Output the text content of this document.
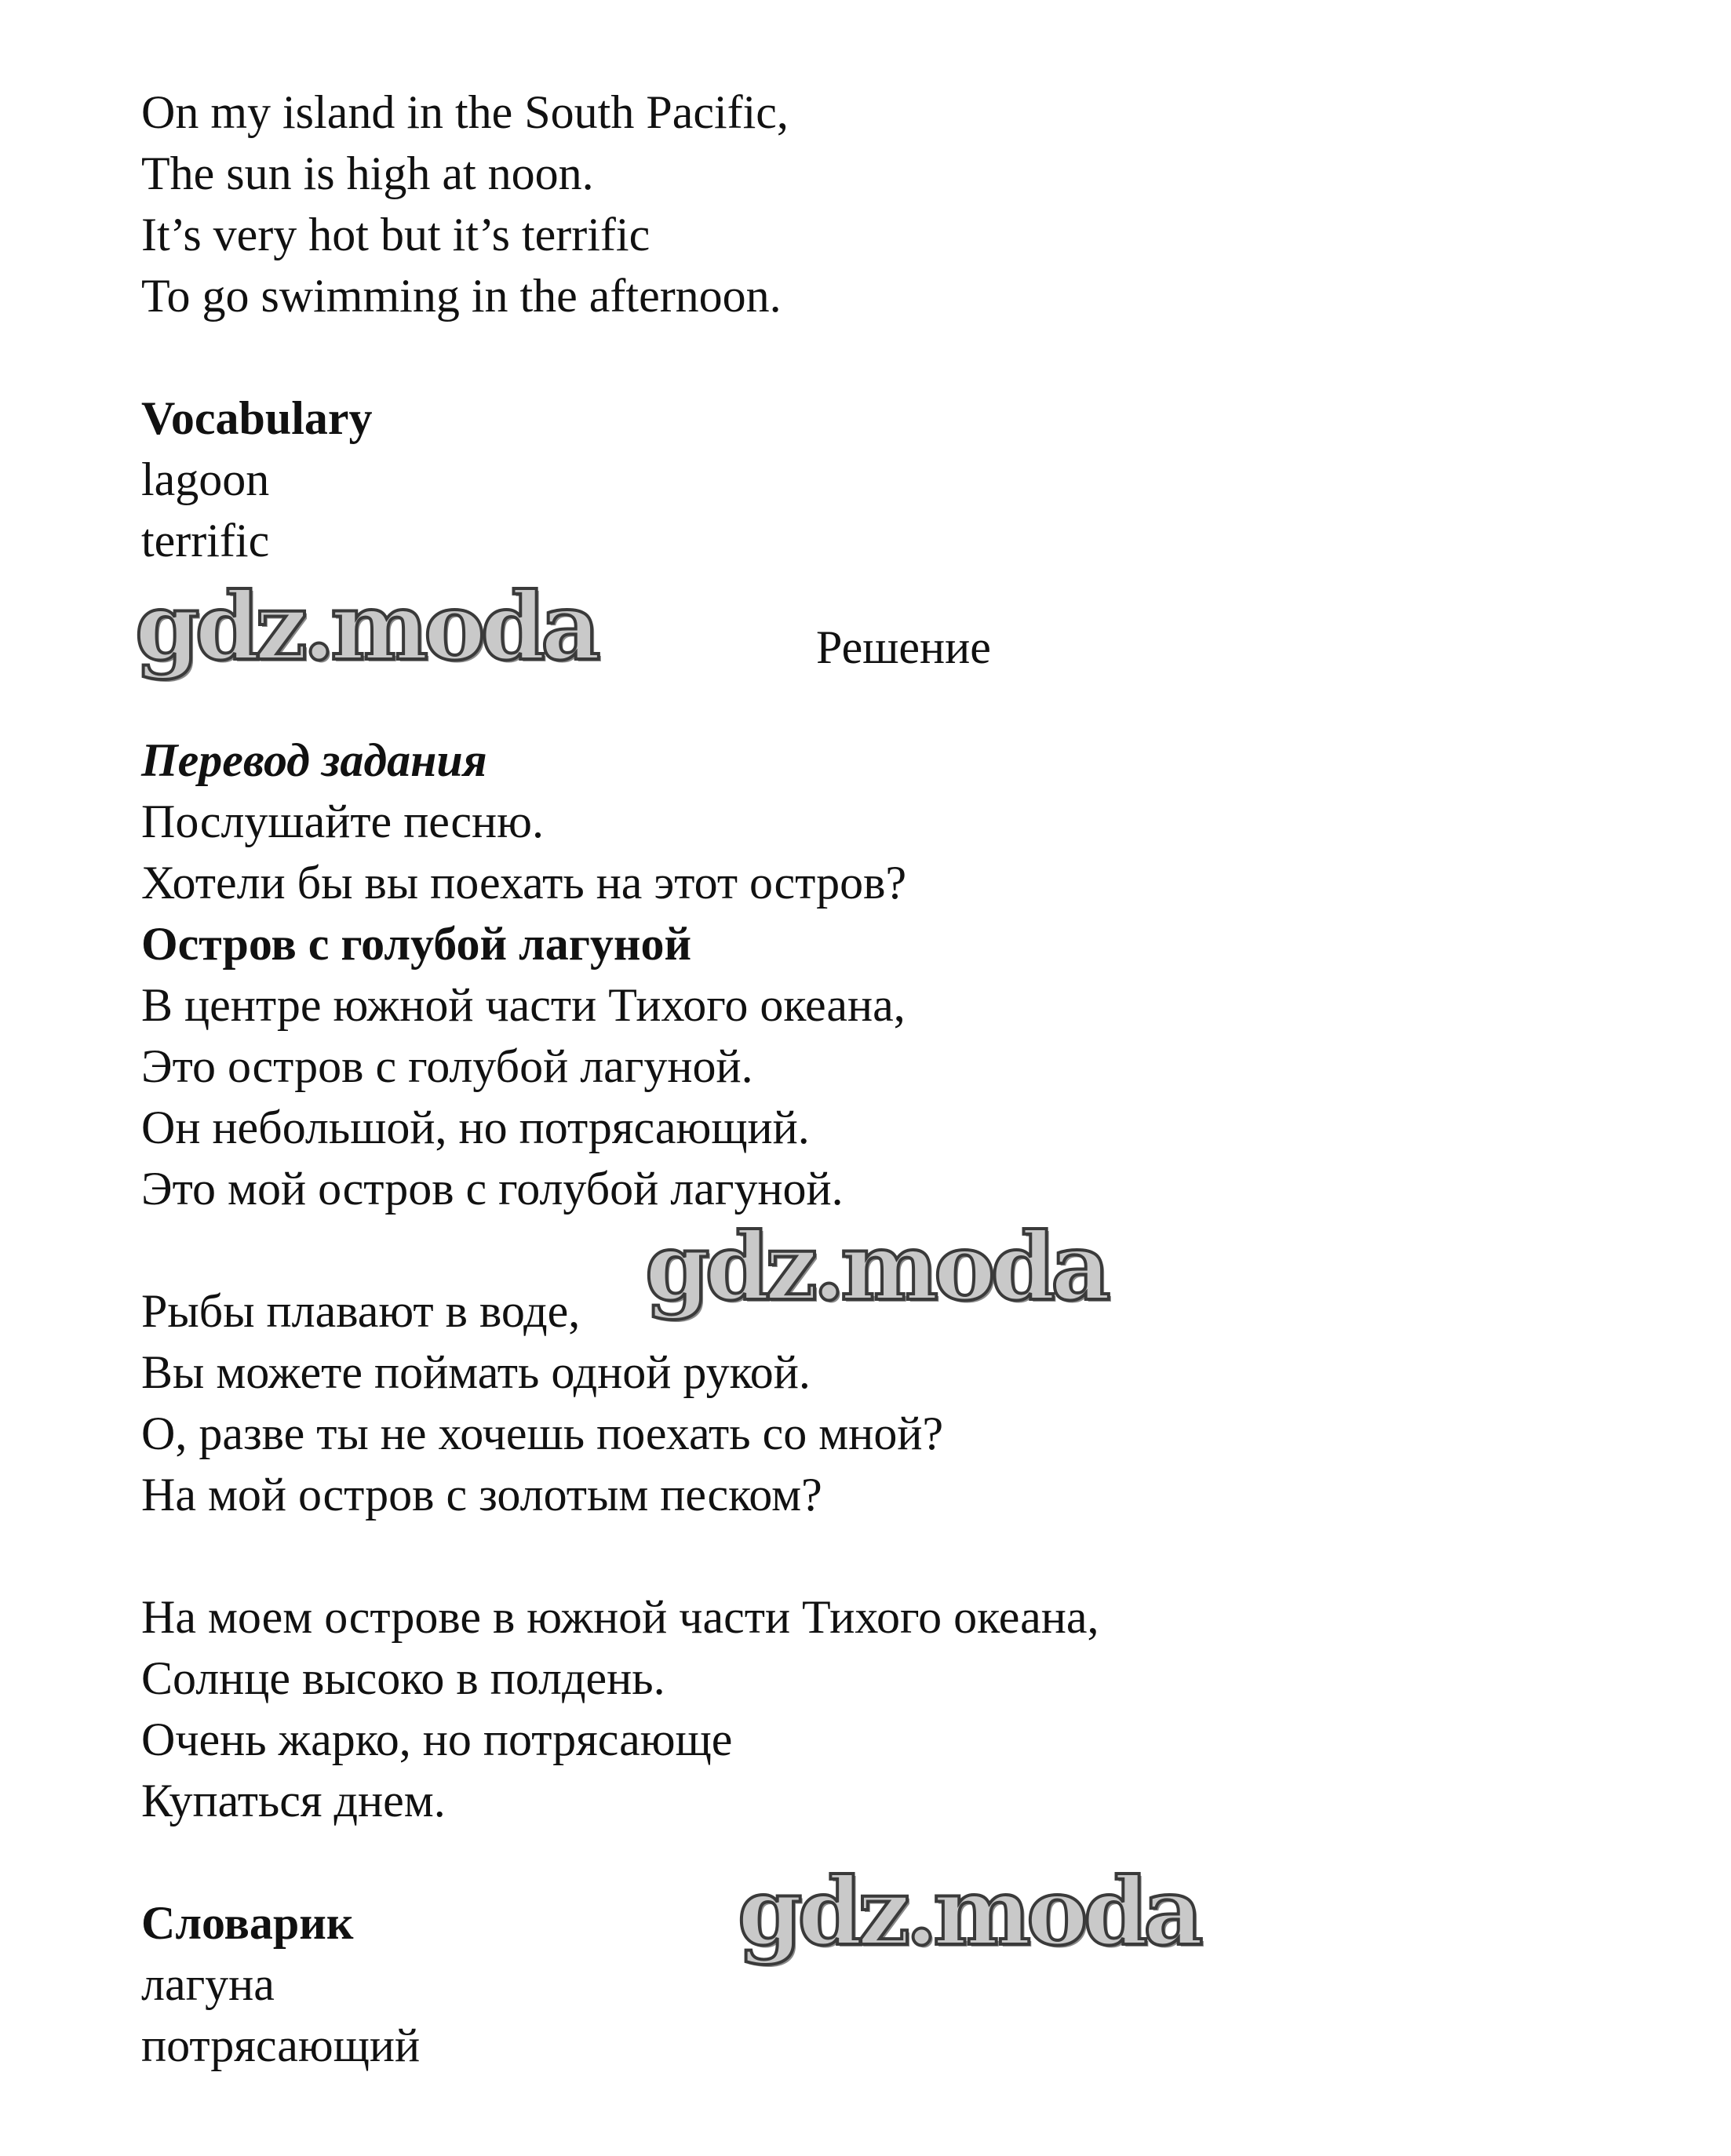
On my island in the South Pacific,
The sun is high at noon.
It’s very hot but it’s terrific
To go swimming in the afternoon.
Vocabulary
lagoon
terrific
gdz.moda	Решение
Перевод задания
Послушайте песню.
Хотели бы вы поехать на этот остров?
Остров с голубой лагуной
В центре южной части Тихого океана,
Это остров с голубой лагуной.
Он небольшой, но потрясающий.
Это мой остров с голубой лагуной.
gdz.moda
Рыбы плавают в воде,
Вы можете поймать одной рукой.
О, разве ты не хочешь поехать со мной?
На мой остров с золотым песком?
На моем острове в южной части Тихого океана,
Солнце высоко в полдень.
Очень жарко, но потрясающе
Купаться днем.
Словарик
лагуна
потрясающий
gdz.moda
